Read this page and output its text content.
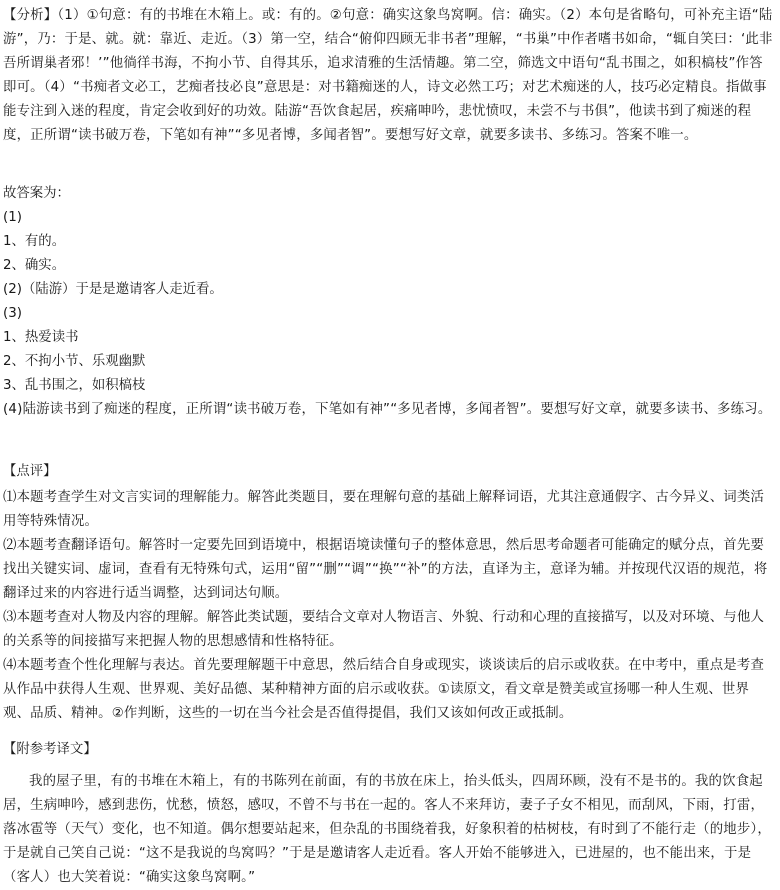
【分析】（1）①句意：有的书堆在木箱上。或：有的。②句意：确实这象鸟窝啊。信：确实。（2）本句是省略句，可补充主语“陆游”，乃：于是、就。就：靠近、走近。（3）第一空，结合“俯仰四顾无非书者”理解，“书巢”中作者嗜书如命，“辄自笑曰：‘此非吾所谓巢者邪！’”他徜徉书海，不拘小节、自得其乐，追求清雅的生活情趣。第二空，筛选文中语句“乱书围之，如积槁枝”作答即可。（4）“书痴者文必工，艺痴者技必良”意思是：对书籍痴迷的人，诗文必然工巧；对艺术痴迷的人，技巧必定精良。指做事能专注到入迷的程度，肯定会收到好的功效。陆游“吾饮食起居，疾痛呻吟，悲忧愤叹，未尝不与书俱”，他读书到了痴迷的程度，正所谓“读书破万卷，下笔如有神”“多见者博，多闻者智”。要想写好文章，就要多读书、多练习。答案不唯一。

故答案为：

(1)

1、有的。

2、确实。

(2)（陆游）于是是邀请客人走近看。

(3)

1、热爱读书

2、不拘小节、乐观幽默

3、乱书围之，如积槁枝

(4)陆游读书到了痴迷的程度，正所谓“读书破万卷，下笔如有神”“多见者博，多闻者智”。要想写好文章，就要多读书、多练习。

【点评】

⑴本题考查学生对文言实词的理解能力。解答此类题目，要在理解句意的基础上解释词语，尤其注意通假字、古今异义、词类活用等特殊情况。

⑵本题考查翻译语句。解答时一定要先回到语境中，根据语境读懂句子的整体意思，然后思考命题者可能确定的赋分点，首先要找出关键实词、虚词，查看有无特殊句式，运用“留”“删”“调”“换”“补”的方法，直译为主，意译为辅。并按现代汉语的规范，将翻译过来的内容进行适当调整，达到词达句顺。

⑶本题考查对人物及内容的理解。解答此类试题，要结合文章对人物语言、外貌、行动和心理的直接描写，以及对环境、与他人的关系等的间接描写来把握人物的思想感情和性格特征。

⑷本题考查个性化理解与表达。首先要理解题干中意思，然后结合自身或现实，谈谈读后的启示或收获。在中考中，重点是考查从作品中获得人生观、世界观、美好品德、某种精神方面的启示或收获。①读原文，看文章是赞美或宣扬哪一种人生观、世界观、品质、精神。②作判断，这些的一切在当今社会是否值得提倡，我们又该如何改正或抵制。

【附参考译文】

我的屋子里，有的书堆在木箱上，有的书陈列在前面，有的书放在床上，抬头低头，四周环顾，没有不是书的。我的饮食起居，生病呻吟，感到悲伤，忧愁，愤怒，感叹，不曾不与书在一起的。客人不来拜访，妻子子女不相见，而刮风，下雨，打雷，落冰雹等（天气）变化，也不知道。偶尔想要站起来，但杂乱的书围绕着我，好象积着的枯树枝，有时到了不能行走（的地步），于是就自己笑自己说：“这不是我说的鸟窝吗？”于是是邀请客人走近看。客人开始不能够进入，已进屋的，也不能出来，于是（客人）也大笑着说：“确实这象鸟窝啊。”
